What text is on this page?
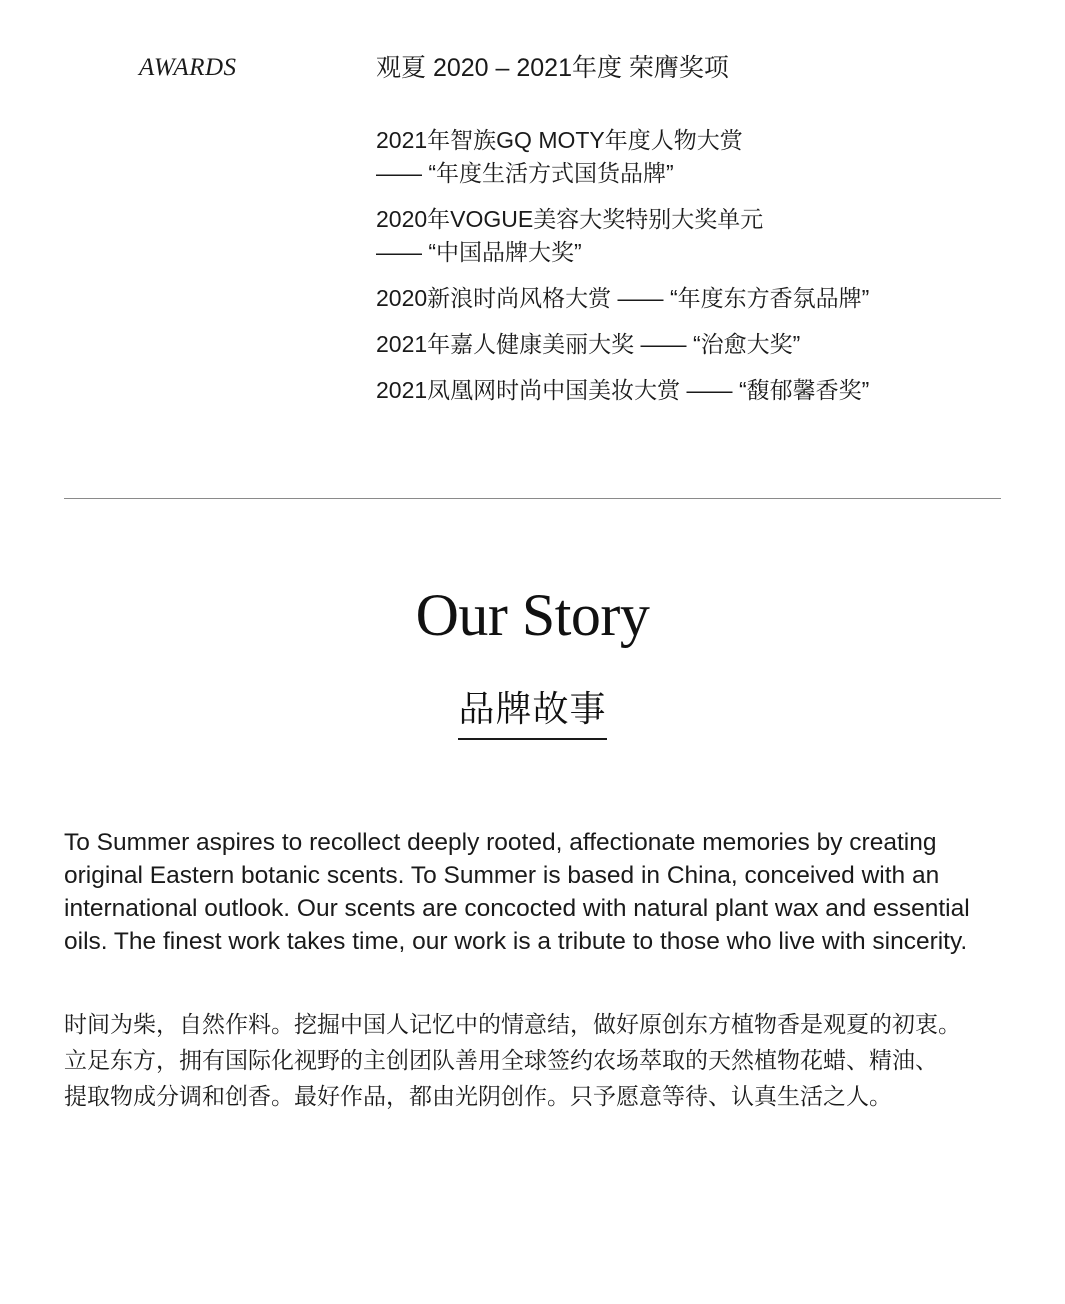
AWARDS	观夏 2020 – 2021年度 荣膺奖项
2021年智族GQ MOTY年度人物大赏
—— “年度生活方式国货品牌”
2020年VOGUE美容大奖特别大奖单元
—— “中国品牌大奖”
2020新浪时尚风格大赏 —— “年度东方香氛品牌”
2021年嘉人健康美丽大奖 —— “治愈大奖”
2021凤凰网时尚中国美妆大赏 —— “馥郁馨香奖”
Our Story
品牌故事

To Summer aspires to recollect deeply rooted, affectionate memories by creating
original Eastern botanic scents. To Summer is based in China, conceived with an
international outlook. Our scents are concocted with natural plant wax and essential
oils. The finest work takes time, our work is a tribute to those who live with sincerity.

时间为柴，自然作料。挖掘中国人记忆中的情意结，做好原创东方植物香是观夏的初衷。
立足东方，拥有国际化视野的主创团队善用全球签约农场萃取的天然植物花蜡、精油、
提取物成分调和创香。最好作品，都由光阴创作。只予愿意等待、认真生活之人。
